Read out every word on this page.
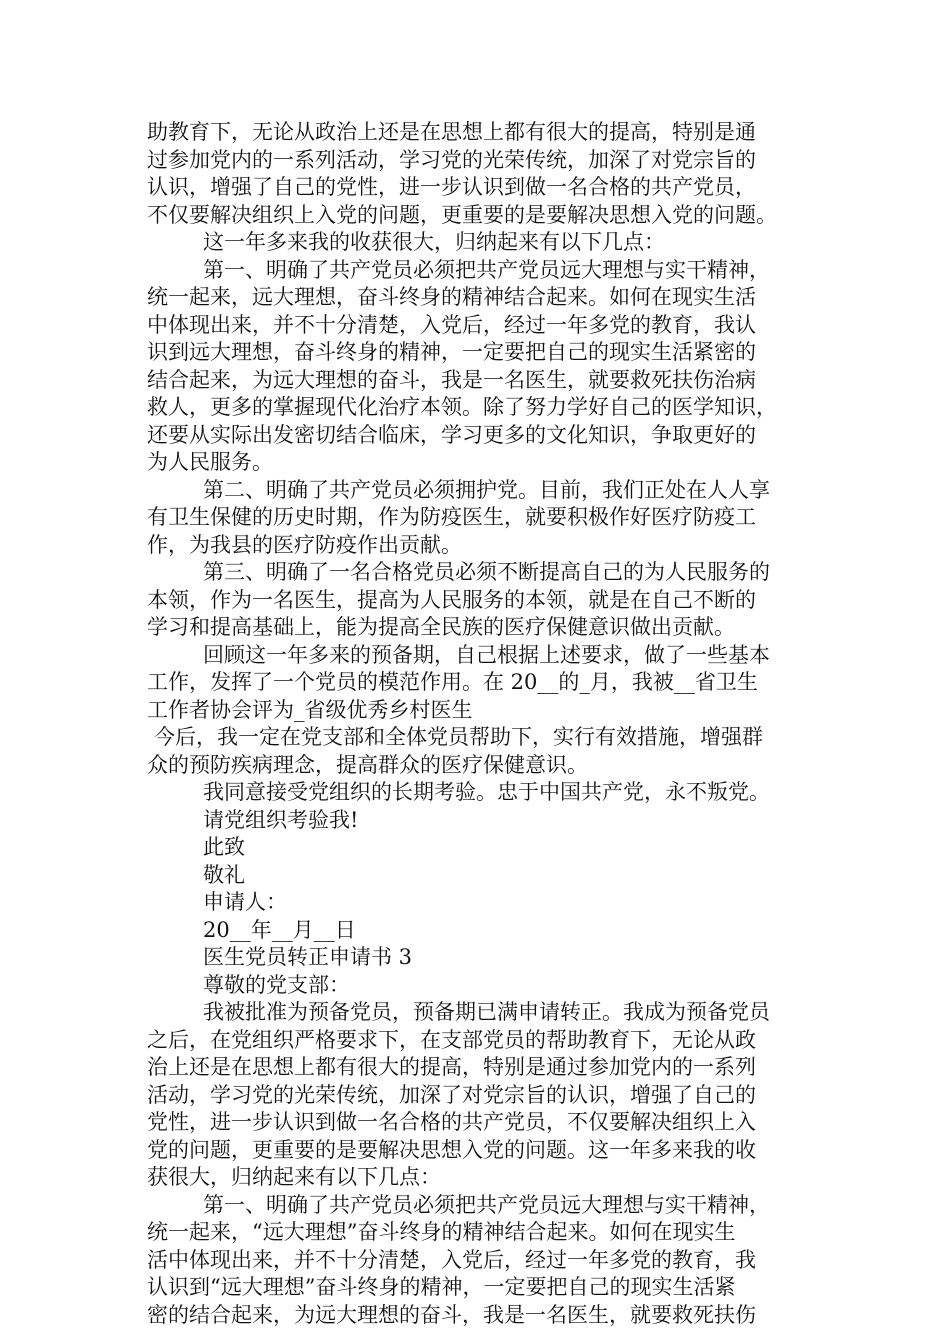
助教育下，无论从政治上还是在思想上都有很大的提高，特别是通
过参加党内的一系列活动，学习党的光荣传统，加深了对党宗旨的
认识，增强了自己的党性，进一步认识到做一名合格的共产党员，
不仅要解决组织上入党的问题，更重要的是要解决思想入党的问题。
这一年多来我的收获很大，归纳起来有以下几点：
第一、明确了共产党员必须把共产党员远大理想与实干精神，
统一起来，远大理想，奋斗终身的精神结合起来。如何在现实生活
中体现出来，并不十分清楚，入党后，经过一年多党的教育，我认
识到远大理想，奋斗终身的精神，一定要把自己的现实生活紧密的
结合起来，为远大理想的奋斗，我是一名医生，就要救死扶伤治病
救人，更多的掌握现代化治疗本领。除了努力学好自己的医学知识，
还要从实际出发密切结合临床，学习更多的文化知识，争取更好的
为人民服务。
第二、明确了共产党员必须拥护党。目前，我们正处在人人享
有卫生保健的历史时期，作为防疫医生，就要积极作好医疗防疫工
作，为我县的医疗防疫作出贡献。
第三、明确了一名合格党员必须不断提高自己的为人民服务的
本领，作为一名医生，提高为人民服务的本领，就是在自己不断的
学习和提高基础上，能为提高全民族的医疗保健意识做出贡献。
回顾这一年多来的预备期，自己根据上述要求，做了一些基本
工作，发挥了一个党员的模范作用。在 20__的_月，我被__省卫生
工作者协会评为_省级优秀乡村医生
今后，我一定在党支部和全体党员帮助下，实行有效措施，增强群
众的预防疾病理念，提高群众的医疗保健意识。
我同意接受党组织的长期考验。忠于中国共产党，永不叛党。
请党组织考验我!
此致
敬礼
申请人：
20__年__月__日
医生党员转正申请书 3
尊敬的党支部：
我被批准为预备党员，预备期已满申请转正。我成为预备党员
之后，在党组织严格要求下，在支部党员的帮助教育下，无论从政
治上还是在思想上都有很大的提高，特别是通过参加党内的一系列
活动，学习党的光荣传统，加深了对党宗旨的认识，增强了自己的
党性，进一步认识到做一名合格的共产党员，不仅要解决组织上入
党的问题，更重要的是要解决思想入党的问题。这一年多来我的收
获很大，归纳起来有以下几点：
第一、明确了共产党员必须把共产党员远大理想与实干精神，
统一起来，“远大理想”奋斗终身的精神结合起来。如何在现实生
活中体现出来，并不十分清楚，入党后，经过一年多党的教育，我
认识到“远大理想”奋斗终身的精神，一定要把自己的现实生活紧
密的结合起来，为远大理想的奋斗，我是一名医生，就要救死扶伤
